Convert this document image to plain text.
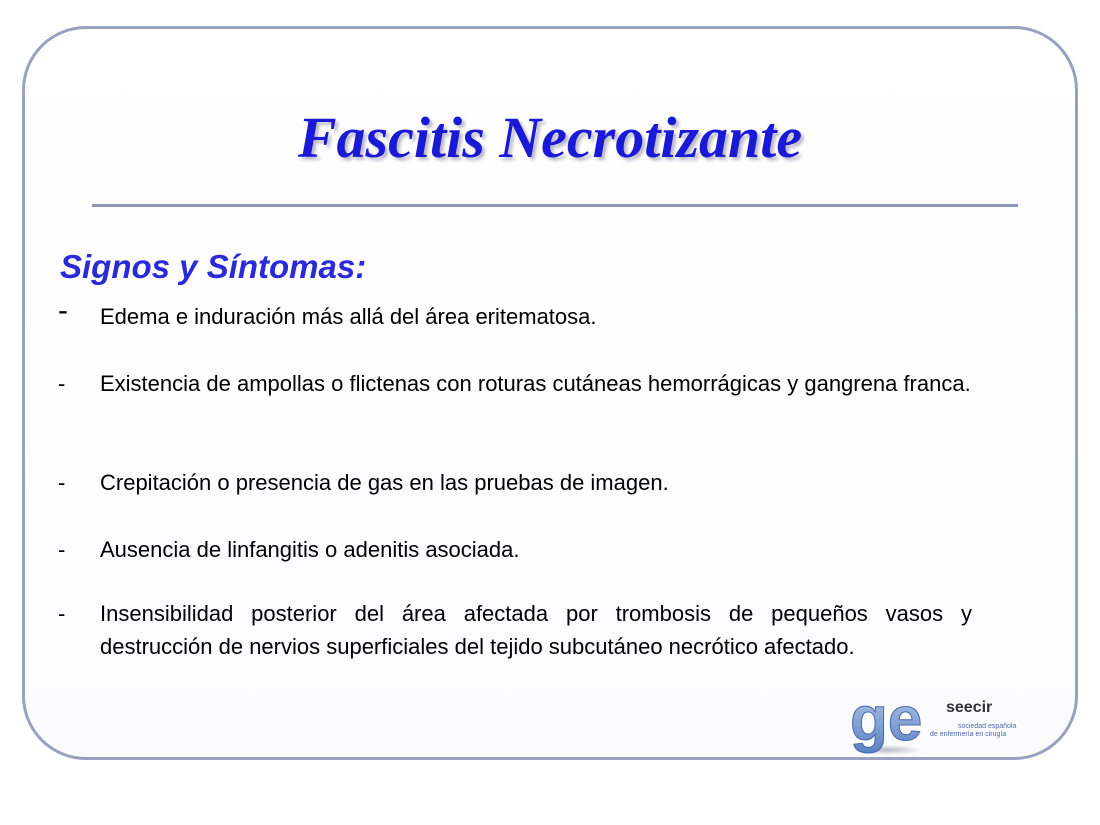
Fascitis Necrotizante
Signos y Síntomas:
-	Edema e induración más allá del área eritematosa.
-	Existencia de ampollas o flictenas con roturas cutáneas hemorrágicas y gangrena franca.
-	Crepitación o presencia de gas en las pruebas de imagen.
-	Ausencia de linfangitis o adenitis asociada.
-	Insensibilidad posterior del área afectada por trombosis de pequeños vasos y destrucción de nervios superficiales del tejido subcutáneo necrótico afectado.
ge seecir
sociedad española
de enfermería en cirugía
